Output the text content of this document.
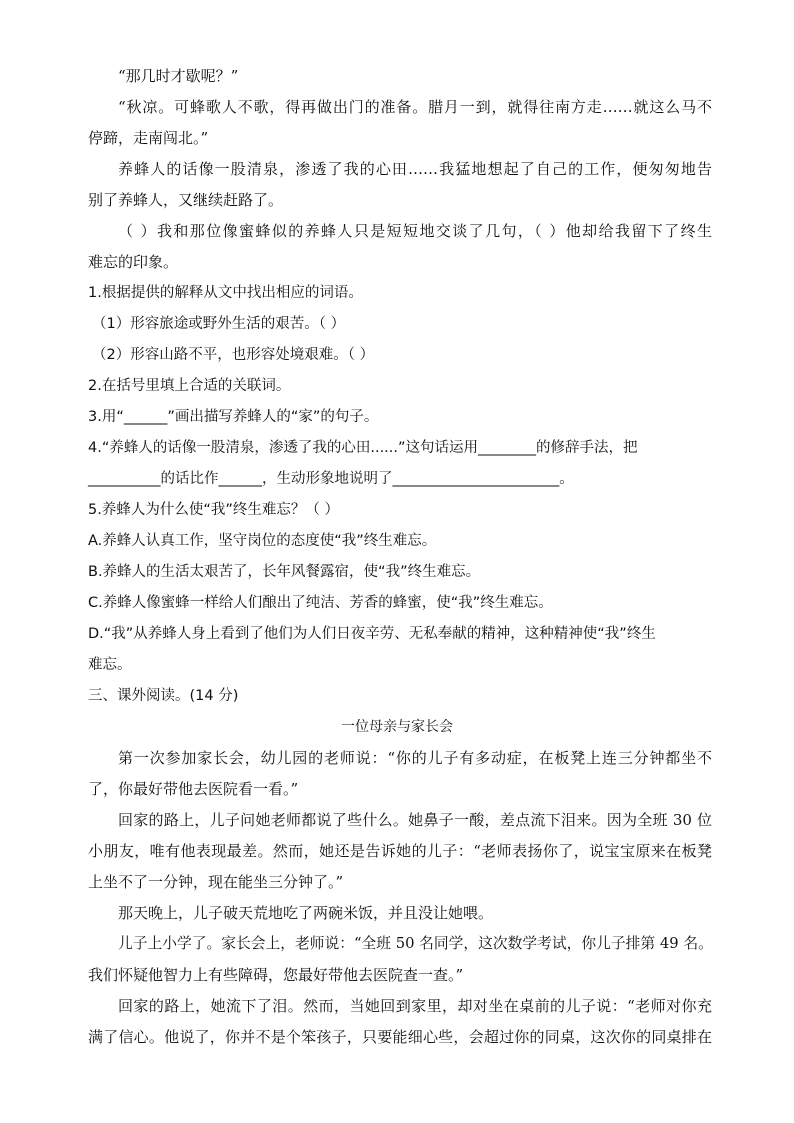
“那几时才歇呢？”
“秋凉。可蜂歌人不歌，得再做出门的准备。腊月一到，就得往南方走……就这么马不
停蹄，走南闯北。”
养蜂人的话像一股清泉，渗透了我的心田……我猛地想起了自己的工作，便匆匆地告
别了养蜂人，又继续赶路了。
（ ）我和那位像蜜蜂似的养蜂人只是短短地交谈了几句，（ ）他却给我留下了终生
难忘的印象。
1.根据提供的解释从文中找出相应的词语。
（1）形容旅途或野外生活的艰苦。（ ）
（2）形容山路不平，也形容处境艰难。（ ）
2.在括号里填上合适的关联词。
3.用“______”画出描写养蜂人的“家”的句子。
4.“养蜂人的话像一股清泉，渗透了我的心田......”这句话运用________的修辞手法，把
__________的话比作______，生动形象地说明了_______________________。
5.养蜂人为什么使“我”终生难忘？（ ）
A.养蜂人认真工作，坚守岗位的态度使“我”终生难忘。
B.养蜂人的生活太艰苦了，长年风餐露宿，使“我”终生难忘。
C.养蜂人像蜜蜂一样给人们酿出了纯洁、芳香的蜂蜜，使“我”终生难忘。
D.“我”从养蜂人身上看到了他们为人们日夜辛劳、无私奉献的精神，这种精神使“我”终生
难忘。
三、课外阅读。(14 分)
一位母亲与家长会
第一次参加家长会，幼儿园的老师说：“你的儿子有多动症，在板凳上连三分钟都坐不
了，你最好带他去医院看一看。”
回家的路上，儿子问她老师都说了些什么。她鼻子一酸，差点流下泪来。因为全班 30 位
小朋友，唯有他表现最差。然而，她还是告诉她的儿子：“老师表扬你了，说宝宝原来在板凳
上坐不了一分钟，现在能坐三分钟了。”
那天晚上，儿子破天荒地吃了两碗米饭，并且没让她喂。
儿子上小学了。家长会上，老师说：“全班 50 名同学，这次数学考试，你儿子排第 49 名。
我们怀疑他智力上有些障碍，您最好带他去医院查一查。”
回家的路上，她流下了泪。然而，当她回到家里，却对坐在桌前的儿子说：“老师对你充
满了信心。他说了，你并不是个笨孩子，只要能细心些，会超过你的同桌，这次你的同桌排在
